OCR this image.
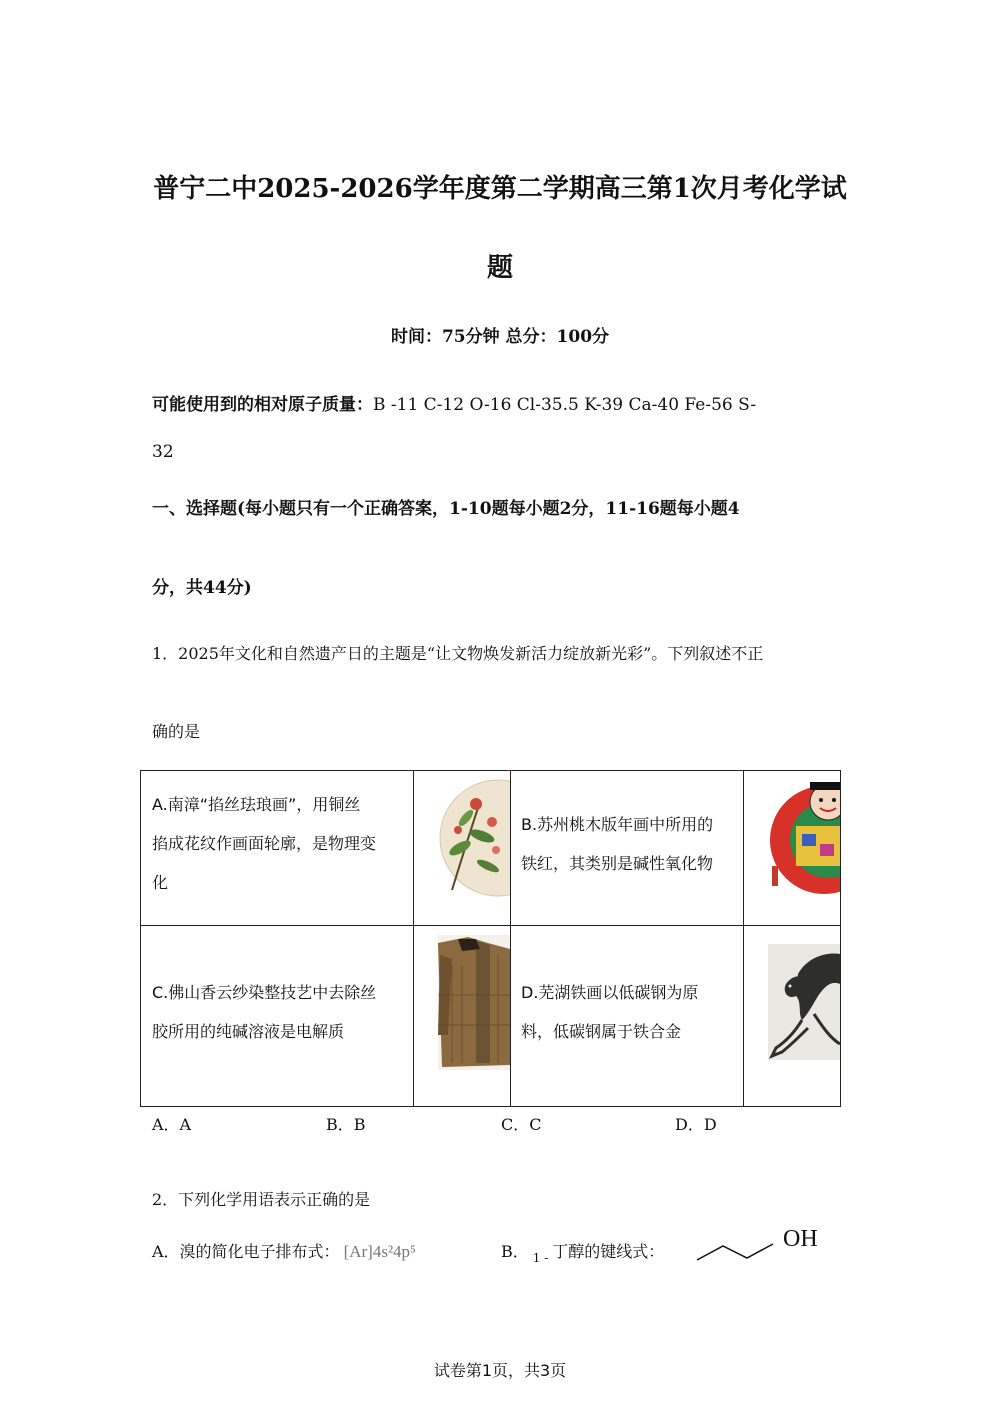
普宁二中2025-2026学年度第二学期高三第1次月考化学试
题
时间：75分钟 总分：100分
可能使用到的相对原子质量：B -11 C-12 O-16 Cl-35.5 K-39 Ca-40 Fe-56 S-
32
一、选择题(每小题只有一个正确答案，1-10题每小题2分，11-16题每小题4
分，共44分)
1．2025年文化和自然遗产日的主题是“让文物焕发新活力绽放新光彩”。下列叙述不正
确的是
A.南漳“掐丝珐琅画”，用铜丝
掐成花纹作画面轮廓，是物理变
化
B.苏州桃木版年画中所用的
铁红，其类别是碱性氧化物
C.佛山香云纱染整技艺中去除丝
胶所用的纯碱溶液是电解质
D.芜湖铁画以低碳钢为原
料，低碳钢属于铁合金
A．A	B．B	C．C	D．D
2．下列化学用语表示正确的是
A．溴的简化电子排布式： [Ar]4s²4p⁵	B． $_{1 -}$ 丁醇的键线式：	OH
试卷第1页，共3页
